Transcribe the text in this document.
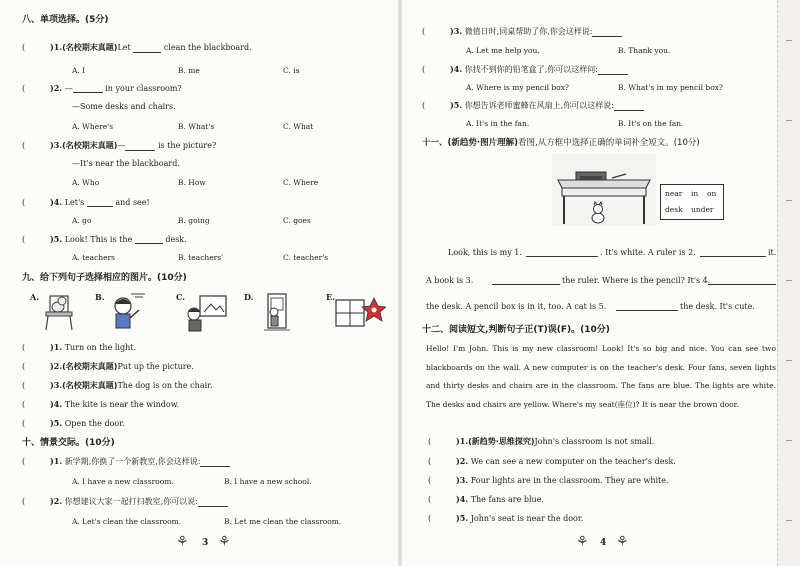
八、单项选择。(5分)
(	)1.(名校期末真题)Let	clean the blackboard.
A. I	B. me	C. is
(	)2. —	in your classroom?
—Some desks and chairs.
A. Where's	B. What's	C. What
(	)3.(名校期末真题)—	is the picture?
—It's near the blackboard.
A. Who	B. How	C. Where
(	)4. Let's	and see!
A. go	B. going	C. goes
(	)5. Look! This is the	desk.
A. teachers	B. teachers'	C. teacher's
九、给下列句子选择相应的图片。(10分)
A.	B.	C.	D.	E.
(	)1. Turn on the light.
(	)2.(名校期末真题)Put up the picture.
(	)3.(名校期末真题)The dog is on the chair.
(	)4. The kite is near the window.
(	)5. Open the door.
十、情景交际。(10分)
(	)1. 新学期,你换了一个新教室,你会这样说:
A. I have a new classroom.	B. I have a new school.
(	)2. 你想建议大家一起打扫教室,你可以说:
A. Let's clean the classroom.	B. Let me clean the classroom.
⚘ 3 ⚘
(	)3. 微值日时,同桌帮助了你,你会这样说:
A. Let me help you.	B. Thank you.
(	)4. 你找不到你的铅笔盒了,你可以这样问:
A. Where is my pencil box?	B. What's in my pencil box?
(	)5. 你想告诉老师蜜蜂在风扇上,你可以这样说:
A. It's in the fan.	B. It's on the fan.
十一、(新趋势·图片理解)看图,从方框中选择正确的单词补全短文。(10分)
near in on
desk under
Look, this is my 1.	. It's white. A ruler is 2.	it.
A book is 3.	the ruler. Where is the pencil? It's 4.
the desk. A pencil box is in it, too. A cat is 5.	the desk. It's cute.
十二、阅读短文,判断句子正(T)误(F)。(10分)
Hello! I'm John. This is my new classroom! Look! It's so big and nice. You can see two blackboards on the wall. A new computer is on the teacher's desk. Four fans, seven lights and thirty desks and chairs are in the classroom. The fans are blue. The lights are white. The desks and chairs are yellow. Where's my seat(座位)? It is near the brown door.
(	)1.(新趋势·思维探究)John's classroom is not small.
(	)2. We can see a new computer on the teacher's desk.
(	)3. Four lights are in the classroom. They are white.
(	)4. The fans are blue.
(	)5. John's seat is near the door.
⚘ 4 ⚘
